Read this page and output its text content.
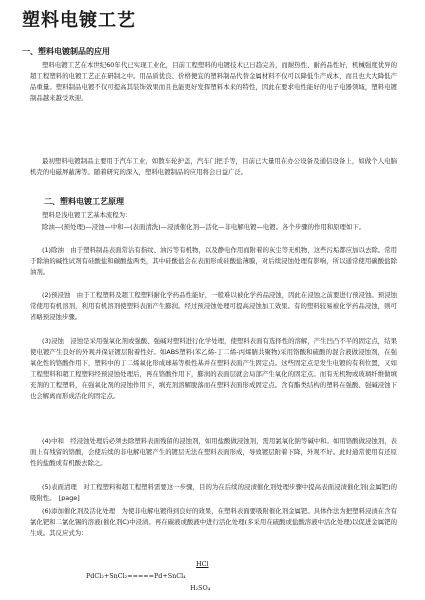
塑料电镀工艺
一、塑料电镀制品的应用
塑料电镀工艺在本世纪60年代已实现工业化，目前工程塑料的电镀技术已日趋完善，而耐热性、耐药品性好，机械强度优异的超工程塑料的电镀工艺正在研制之中。用品质优良、价格便宜的塑料制品代替金属材料不仅可以降低生产成本，而且也大大降低产品重量。塑料制品电镀不仅可提高其装饰效果而且也能更好发挥塑料本来的特性，因此在要求电性能好的电子电器领域，塑料电镀制品越来越受欢迎。
最初塑料电镀制品主要用于汽车工业，如散车轮护盖，汽车门把手等，目前已大量用在办公设备及通信设备上，如做个人电脑机壳的电磁屏蔽薄等。随着研究的深入，塑料电镀制品的应用将会日益广泛。
二、塑料电镀工艺原理
塑料是浅电镀工艺基本流程为：
除油—(预处理)—浸蚀—中和—(表面清洗)—浸渍催化剂—活化—非电解电镀—电镀。各个步骤的作用和原理如下。
(1)除油　由于塑料制品表面常沾有指纹、油污等有机物，以及静电作用而附着的灰尘等无机物，这些污垢都应加以去除。常用于除油的碱性试剂有硅酸盐和碳酸盐两类，其中硅酸盐会在表面形成硅酸盐薄膜，对后续浸蚀处理有影响，所以通常使用碳酸盐除油剂。
(2)预浸蚀　由于工程塑料及超工程塑料耐化学药品性能好，一般难以被化学药品浸蚀，因此在浸蚀之前要进行预浸蚀。预浸蚀常使用有机溶剂，利用有机溶剂使塑料表面产生膨润。经过预浸蚀处理可提高浸蚀加工效果。有的塑料较易被化学药品浸蚀，则可省略预浸蚀步骤。
(3)浸蚀　浸蚀是采用强氧化剂或强酸、强碱对塑料进行化学处理，使塑料表面有选择性的溶解，产生凹凸不平的固定点，结果使电镀产生良好的外观并保证镀层附着性好。如ABS塑料(苯乙烯-丁二烯-丙烯腈共聚物)采用铬酸和硫酸的混合液做浸蚀剂，在强氧化性的铬酸作用下，塑料中的丁二烯氧化形成球基等极性基并在塑料表面产生固定点。这些固定点是发生电镀的有利位置，又如工程塑料和超工程塑料经预浸蚀处理后，再在铬酸作用下，膨润的表面层就会局部产生氧化的固定点。而有无机物或玻璃纤维做填充剂的工程塑料，在强氧化剂的浸蚀作用下，填充剂溶解脱落而在塑料表面形成固定点。含有酯类结构的塑料在强酸、强碱浸蚀下也会解离而形成活化的固定点。
(4)中和　经浸蚀处理后必须去除塑料表面残留的浸蚀剂，如用盐酸做浸蚀剂，需用氯氧化钠等碱中和。如用铬酸做浸蚀剂，表面上有残留的铬酸，会使后续的非电解电镀产生的镀层无法在塑料表面形成，导致镀层附着下降，外观不好。此时通常使用有还原性的盐酸或有机酸去除之。
(5)表面清理　对工程塑料和超工程塑料需要这一步骤，目的为在后续的浸渍催化剂处理步骤中提高表面浸渍催化剂(金属钯)的吸附性。　[page]
(6)添加催化剂及活化处理　为使非电解电镀得到良好的效果，在塑料表面要吸附催化剂金属钯。具体作法为把塑料浸渍在含有氯化钯和二氯化锡的溶液(催化剂C)中浸渍。再在碳液或酸液中进行活化处理(多采用在硫酸或盐酸溶液中活化处理)以促进金属钯的生成。其反应式为：
HCl
PdCl₂+SnCl₂=====Pd+SnCl₄
H₂SO₄
